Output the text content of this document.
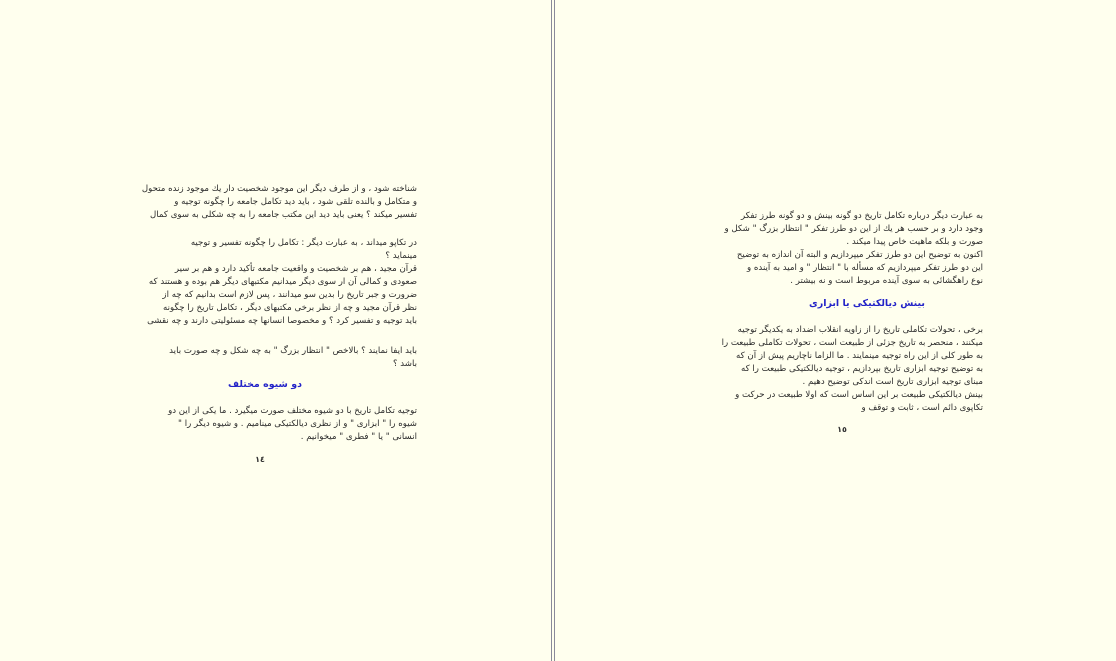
شناخته شود ، و از طرف دیگر این موجود شخصیت دار یك موجود زنده متحول
و متكامل و بالنده تلقی شود ، باید دید تكامل جامعه را چگونه توجیه و
تفسیر میكند ؟ یعنی باید دید این مكتب جامعه را به چه شكلی به سوی كمال
در تكاپو میداند ، به عبارت دیگر : تكامل را چگونه تفسیر و توجیه
مینماید ؟
قرآن مجید ، هم بر شخصیت و واقعیت جامعه تأكید دارد و هم بر سیر
صعودی و كمالی آن ار سوی دیگر میدانیم مكتبهای دیگر هم بوده و هستند كه
ضرورت و جبر تاریخ را بدین سو میدانند ، پس لازم است بدانیم كه چه از
نظر قرآن مجید و چه از نظر برخی مكتبهای دیگر ، تكامل تاریخ را چگونه
باید توجیه و تفسیر كرد ؟ و مخصوصا انسانها چه مسئولیتی دارند و چه نقشی
باید ایفا نمایند ؟ بالاخص " انتظار بزرگ " به چه شكل و چه صورت باید
باشد ؟
دو شیوه مختلف
توجیه تكامل تاریخ با دو شیوه مختلف صورت میگیرد . ما یكی از این دو
شیوه را " ابزاری " و از نظری دیالكتیكی مینامیم . و شیوه دیگر را "
انسانی " یا " فطری " میخوانیم .
١٤
به عبارت دیگر درباره تكامل تاریخ دو گونه بینش و دو گونه طرز تفكر
وجود دارد و بر حسب هر یك از این دو طرز تفكر " انتظار بزرگ " شكل و
صورت و بلكه ماهیت خاص پیدا میكند .
اكنون به توضیح این دو طرز تفكر میپردازیم و البته آن اندازه به توضیح
این دو طرز تفكر میپردازیم كه مسأله با " انتظار " و امید به آینده و
نوع راهگشائی به سوی آینده مربوط است و نه بیشتر .
بینش دیالكتیكی یا ابزاری
برخی ، تحولات تكاملی تاریخ را از زاویه انقلاب اضداد به یكدیگر توجیه
میكنند ، منحصر به تاریخ جزئی از طبیعت است ، تحولات تكاملی طبیعت را
به طور كلی از این راه توجیه مینمایند . ما الزاما ناچاریم پیش از آن كه
به توضیح توجیه ابزاری تاریخ بپردازیم ، توجیه دیالكتیكی طبیعت را كه
مبنای توجیه ابزاری تاریخ است اندكی توضیح دهیم .
بینش دیالكتیكی طبیعت بر این اساس است كه اولا طبیعت در حركت و
تكاپوی دائم است ، ثابت و توقف و
١٥
